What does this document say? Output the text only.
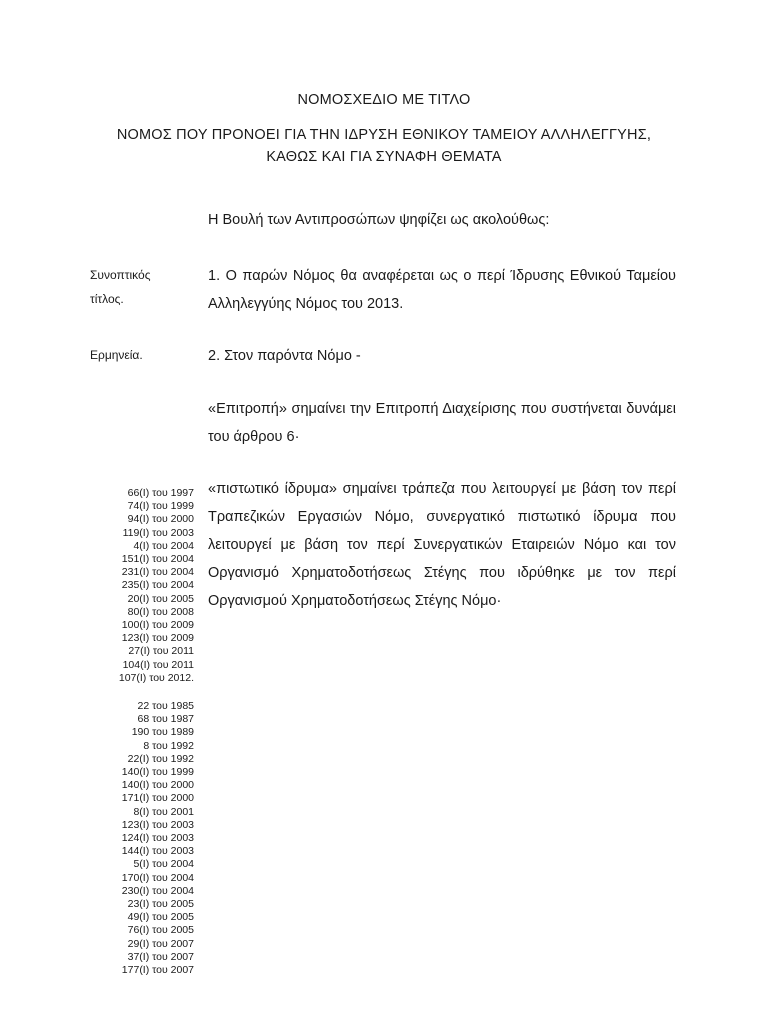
ΝΟΜΟΣΧΕΔΙΟ ΜΕ ΤΙΤΛΟ
ΝΟΜΟΣ ΠΟΥ ΠΡΟΝΟΕΙ ΓΙΑ ΤΗΝ ΙΔΡΥΣΗ ΕΘΝΙΚΟΥ ΤΑΜΕΙΟΥ ΑΛΛΗΛΕΓΓΥΗΣ,
ΚΑΘΩΣ ΚΑΙ ΓΙΑ ΣΥΝΑΦΗ ΘΕΜΑΤΑ
Η Βουλή των Αντιπροσώπων ψηφίζει ως ακολούθως:
Συνοπτικός
τίτλος.
Ερμηνεία.
1. Ο παρών Νόμος θα αναφέρεται ως ο περί Ίδρυσης Εθνικού Ταμείου Αλληλεγγύης Νόμος του 2013.
2. Στον παρόντα Νόμο -
«Επιτροπή» σημαίνει την Επιτροπή Διαχείρισης που συστήνεται δυνάμει του άρθρου 6·
«πιστωτικό ίδρυμα» σημαίνει τράπεζα που λειτουργεί με βάση τον περί Τραπεζικών Εργασιών Νόμο, συνεργατικό πιστωτικό ίδρυμα που λειτουργεί με βάση τον περί Συνεργατικών Εταιρειών Νόμο και τον Οργανισμό Χρηματοδοτήσεως Στέγης που ιδρύθηκε με τον περί Οργανισμού Χρηματοδοτήσεως Στέγης Νόμο·
66(I) του 1997
74(I) του 1999
94(I) του 2000
119(I) του 2003
4(I) του 2004
151(I) του 2004
231(I) του 2004
235(I) του 2004
20(I) του 2005
80(I) του 2008
100(I) του 2009
123(I) του 2009
27(I) του 2011
104(I) του 2011
107(I) του 2012.
22 του 1985
68 του 1987
190 του 1989
8 του 1992
22(I) του 1992
140(I) του 1999
140(I) του 2000
171(I) του 2000
8(I) του 2001
123(I) του 2003
124(I) του 2003
144(I) του 2003
5(I) του 2004
170(I) του 2004
230(I) του 2004
23(I) του 2005
49(I) του 2005
76(I) του 2005
29(I) του 2007
37(I) του 2007
177(I) του 2007
